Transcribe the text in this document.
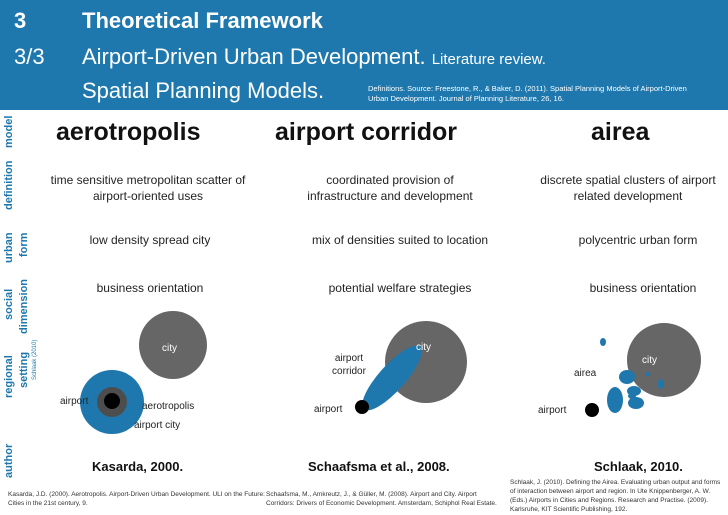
3
3/3
Theoretical Framework
Airport-Driven Urban Development. Literature review.
Spatial Planning Models.	Definitions. Source: Freestone, R., & Baker, D. (2011). Spatial Planning Models of Airport-Driven Urban Development. Journal of Planning Literature, 26, 16.
model
definition
urban form
social dimension
regional setting Schlaak (2010)
author
aerotropolis	airport corridor	airea
time sensitive metropolitan scatter of airport-oriented uses
coordinated provision of infrastructure and development
discrete spatial clusters of airport related development
low density spread city	mix of densities suited to location	polycentric urban form
business orientation	potential welfare strategies	business orientation
city
airport	aerotropolis
airport city
city
airport corridor
airport
city
airea
airport
Kasarda, 2000.	Schaafsma et al., 2008.	Schlaak, 2010.
Kasarda, J.D. (2000). Aerotropolis. Airport-Driven Urban Development. ULI on the Future: Cities in the 21st century, 9.
Schaafsma, M., Amkreutz, J., & Güller, M. (2008). Airport and City. Airport Corridors: Drivers of Economic Development. Amsterdam, Schiphol Real Estate.
Schlaak, J. (2010). Defining the Airea. Evaluating urban output and forms of interaction between airport and region. In Ute Knippenberger, A. W. (Eds.) Airports in Cities and Regions. Research and Practise. (2009). Karlsruhe, KIT Scientific Publishing, 192.
